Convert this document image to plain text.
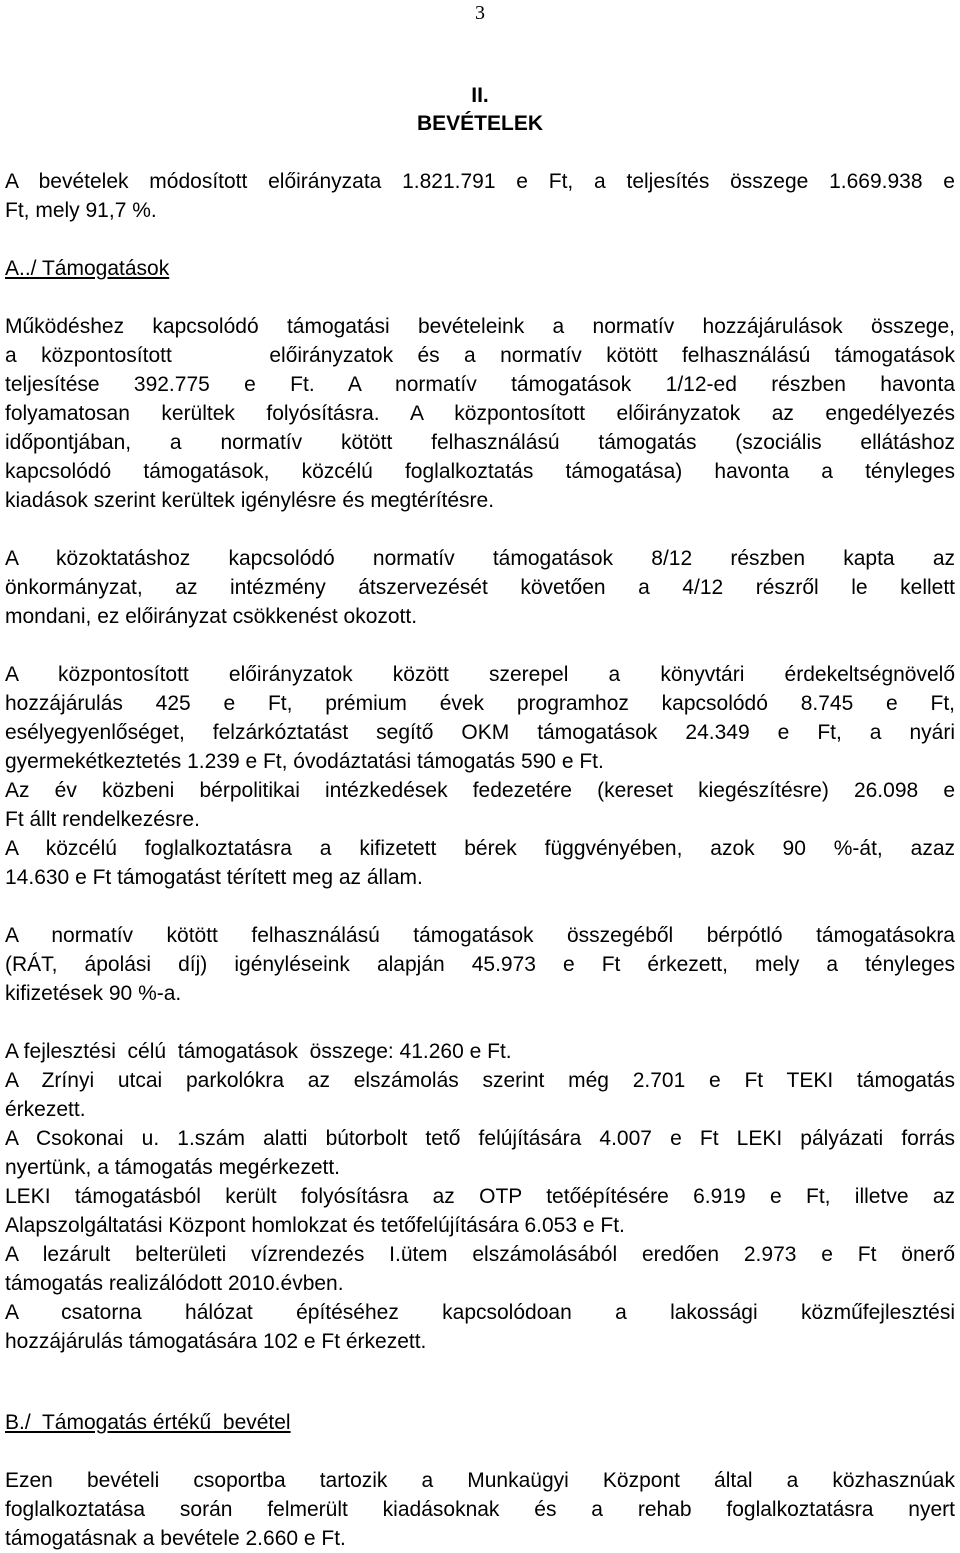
3
II.
BEVÉTELEK
A bevételek módosított előirányzata 1.821.791 e Ft, a teljesítés összege 1.669.938 e
Ft, mely 91,7 %.
A../ Támogatások
Működéshez kapcsolódó támogatási bevételeink a normatív hozzájárulások összege,
a központosított    előirányzatok és a normatív kötött felhasználású támogatások
teljesítése 392.775 e Ft. A normatív támogatások 1/12-ed részben havonta
folyamatosan kerültek folyósításra. A központosított előirányzatok az engedélyezés
időpontjában, a normatív kötött felhasználású támogatás (szociális ellátáshoz
kapcsolódó támogatások, közcélú foglalkoztatás támogatása) havonta a tényleges
kiadások szerint kerültek igénylésre és megtérítésre.
A közoktatáshoz kapcsolódó normatív támogatások 8/12 részben kapta az
önkormányzat, az intézmény átszervezését követően a 4/12 részről le kellett
mondani, ez előirányzat csökkenést okozott.
A központosított előirányzatok között szerepel a könyvtári érdekeltségnövelő
hozzájárulás 425 e Ft, prémium évek programhoz kapcsolódó 8.745 e Ft,
esélyegyenlőséget, felzárkóztatást segítő OKM támogatások 24.349 e Ft, a nyári
gyermekétkeztetés 1.239 e Ft, óvodáztatási támogatás 590 e Ft.
Az év közbeni bérpolitikai intézkedések fedezetére (kereset kiegészítésre) 26.098 e
Ft állt rendelkezésre.
A közcélú foglalkoztatásra a kifizetett bérek függvényében, azok 90 %-át, azaz
14.630 e Ft támogatást térített meg az állam.
A normatív kötött felhasználású támogatások összegéből bérpótló támogatásokra
(RÁT, ápolási díj) igényléseink alapján 45.973 e Ft érkezett, mely a tényleges
kifizetések 90 %-a.
A fejlesztési  célú  támogatások  összege: 41.260 e Ft.
A Zrínyi utcai parkolókra az elszámolás szerint még 2.701 e Ft TEKI támogatás
érkezett.
A Csokonai u. 1.szám alatti bútorbolt tető felújítására 4.007 e Ft LEKI pályázati forrás
nyertünk, a támogatás megérkezett.
LEKI támogatásból került folyósításra az OTP tetőépítésére 6.919 e Ft, illetve az
Alapszolgáltatási Központ homlokzat és tetőfelújítására 6.053 e Ft.
A lezárult belterületi vízrendezés I.ütem elszámolásából eredően 2.973 e Ft önerő
támogatás realizálódott 2010.évben.
A csatorna hálózat építéséhez kapcsolódoan a lakossági közműfejlesztési
hozzájárulás támogatására 102 e Ft érkezett.
B./  Támogatás értékű  bevétel
Ezen bevételi csoportba tartozik a Munkaügyi Központ által a közhasznúak
foglalkoztatása során felmerült kiadásoknak és a rehab foglalkoztatásra nyert
támogatásnak a bevétele 2.660 e Ft.
